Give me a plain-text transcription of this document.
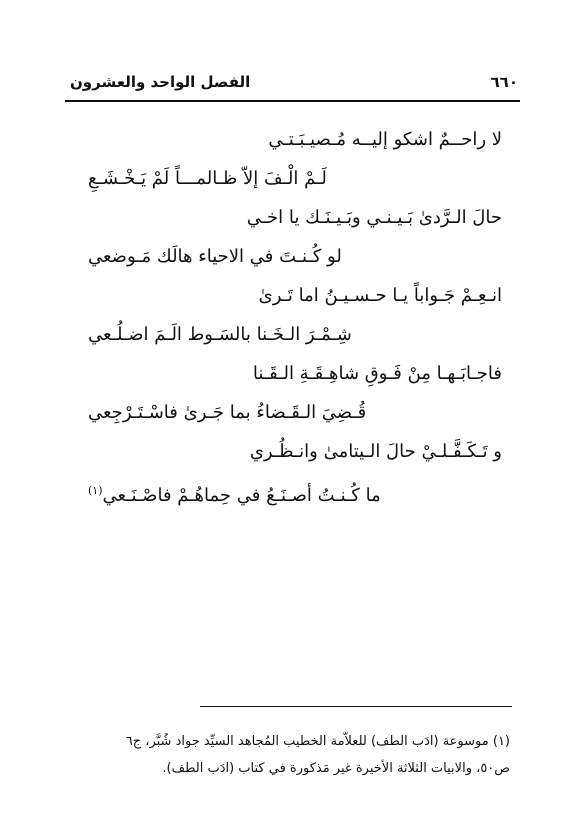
٦٦٠
الفصل الواحد والعشرون
لا راحــمٌ اشكو إليــه مُـصيـبَـتـي
لَـمْ الْـفَ إلاّ ظـالمـــاً لَمْ يَـخْـشَـعِ
حالَ الـرَّدىٰ بَـيـنـي وبَـيـنَـك يا اخـي
لو كُـنـتَ في الاحياء هالَك مَـوضعي
انـعِـمْ جَـواباً يـا حـسـيـنُ اما تَـرىٰ
شِـمْـرَ الـخَـنا بالسَـوط الَـمَ اضـلُـعي
فاجـابَـهـا مِنْ فَـوقِ شاهِـقَـةِ الـقَـنا
قُـضِيَ الـقَـضاءُ بما جَـرىٰ فاسْـتَـرْجِعي
و تَـكَـفَّـلـيْ حالَ الـيتامىٰ وانـظُـري
ما كُـنـتُ أصـنَـعُ في حِماهُـمْ فاصْـنَـعي$^{(١)}$
(١) موسوعة (ادَب الطف) للعلاّمة الخطيب المُجاهد السيِّد جواد شُبَّر، ج٦
ص٥٠، والابيات الثلاثة الأخيرة غير مَذكورة في كتاب (ادَب الطف).
